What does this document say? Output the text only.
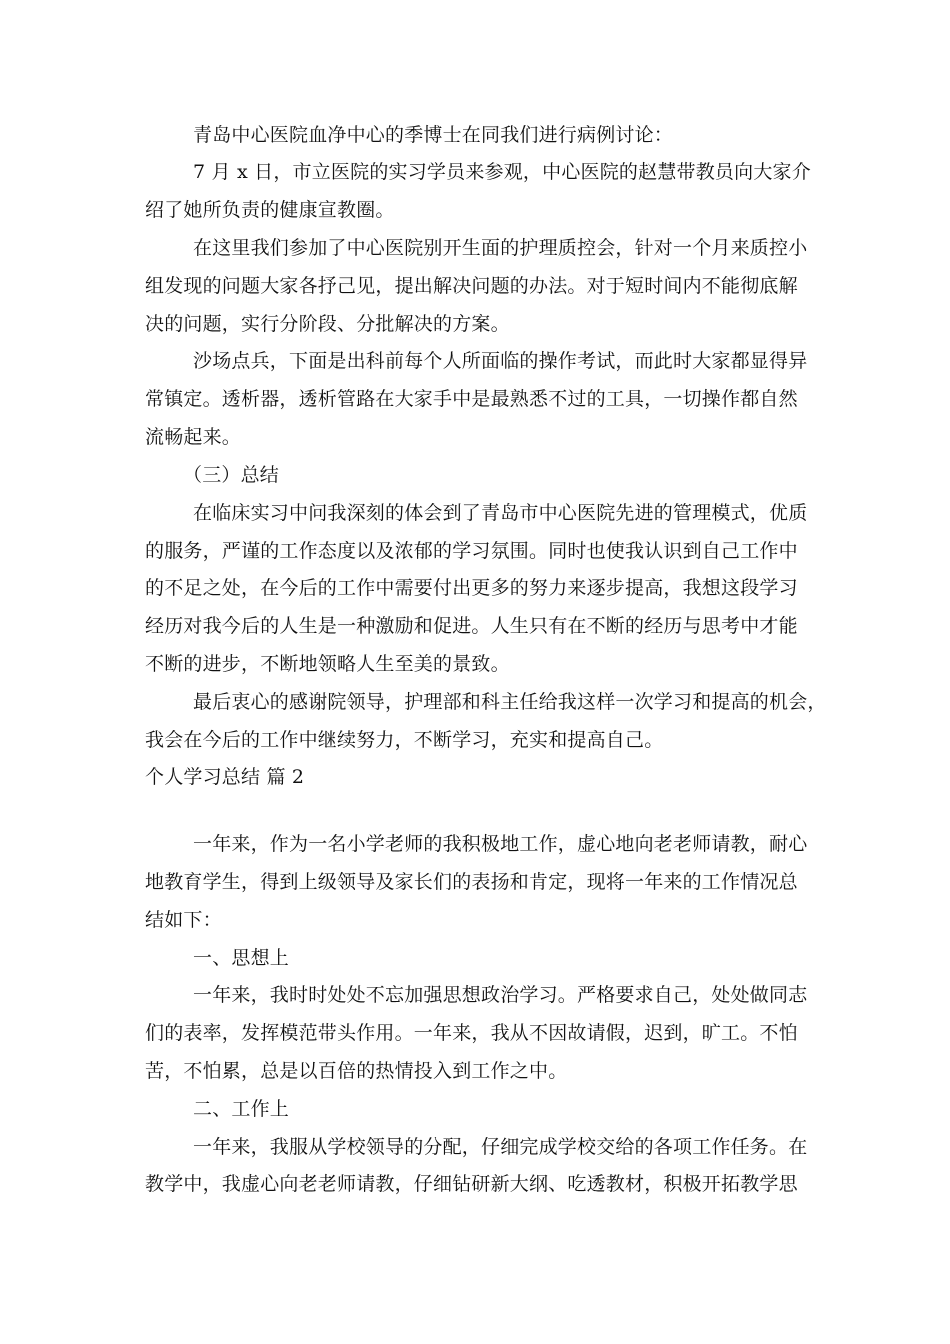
青岛中心医院血净中心的季博士在同我们进行病例讨论：
7 月 x 日，市立医院的实习学员来参观，中心医院的赵慧带教员向大家介
绍了她所负责的健康宣教圈。
在这里我们参加了中心医院别开生面的护理质控会，针对一个月来质控小
组发现的问题大家各抒己见，提出解决问题的办法。对于短时间内不能彻底解
决的问题，实行分阶段、分批解决的方案。
沙场点兵，下面是出科前每个人所面临的操作考试，而此时大家都显得异
常镇定。透析器，透析管路在大家手中是最熟悉不过的工具，一切操作都自然
流畅起来。
（三）总结
在临床实习中问我深刻的体会到了青岛市中心医院先进的管理模式，优质
的服务，严谨的工作态度以及浓郁的学习氛围。同时也使我认识到自己工作中
的不足之处，在今后的工作中需要付出更多的努力来逐步提高，我想这段学习
经历对我今后的人生是一种激励和促进。人生只有在不断的经历与思考中才能
不断的进步，不断地领略人生至美的景致。
最后衷心的感谢院领导，护理部和科主任给我这样一次学习和提高的机会，
我会在今后的工作中继续努力，不断学习，充实和提高自己。
个人学习总结 篇 2
一年来，作为一名小学老师的我积极地工作，虚心地向老老师请教，耐心
地教育学生，得到上级领导及家长们的表扬和肯定，现将一年来的工作情况总
结如下：
一、思想上
一年来，我时时处处不忘加强思想政治学习。严格要求自己，处处做同志
们的表率，发挥模范带头作用。一年来，我从不因故请假，迟到，旷工。不怕
苦，不怕累，总是以百倍的热情投入到工作之中。
二、工作上
一年来，我服从学校领导的分配，仔细完成学校交给的各项工作任务。在
教学中，我虚心向老老师请教，仔细钻研新大纲、吃透教材，积极开拓教学思
